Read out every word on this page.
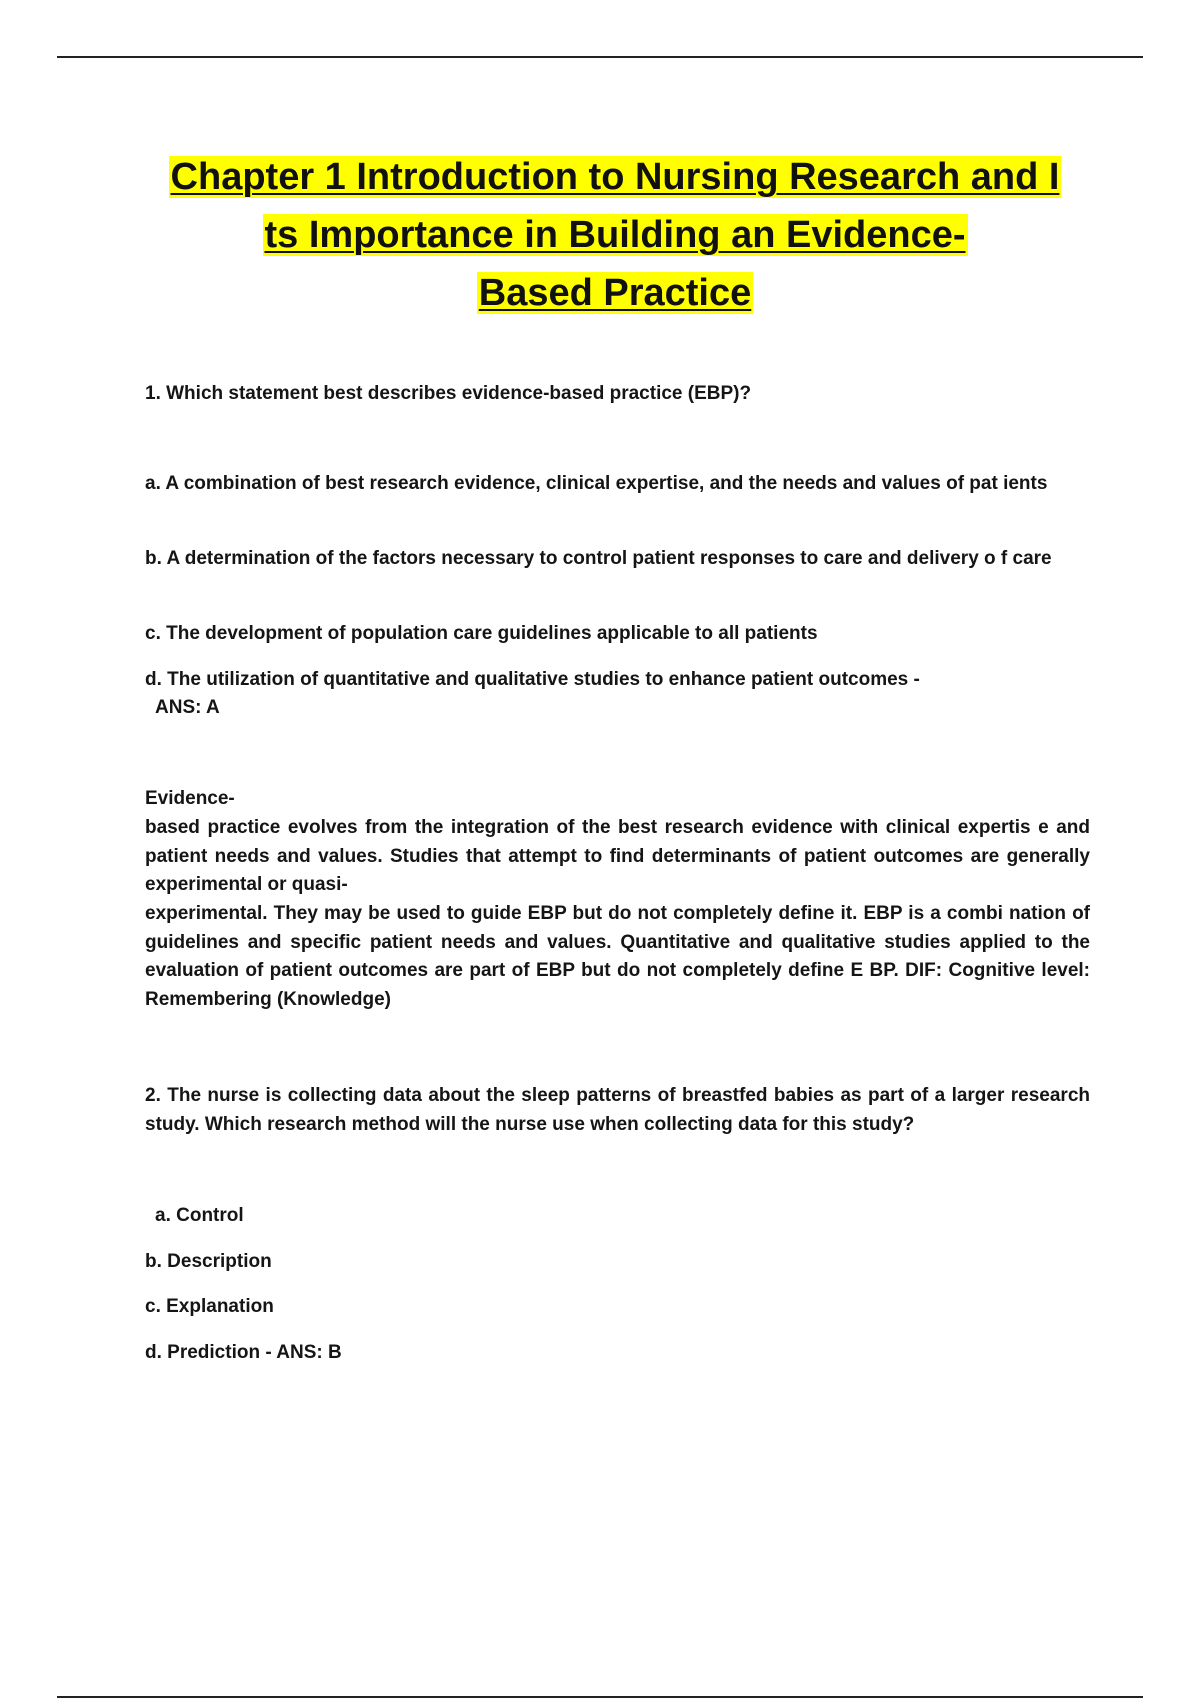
Chapter 1 Introduction to Nursing Research and I
ts Importance in Building an Evidence-
Based Practice

1. Which statement best describes evidence-based practice (EBP)?

a. A combination of best research evidence, clinical expertise, and the needs and values of pat ients

b. A determination of the factors necessary to control patient responses to care and delivery o f care

c. The development of population care guidelines applicable to all patients

d. The utilization of quantitative and qualitative studies to enhance patient outcomes -

ANS: A

Evidence-

based practice evolves from the integration of the best research evidence with clinical expertis e and patient needs and values. Studies that attempt to find determinants of patient outcomes are generally experimental or quasi-

experimental. They may be used to guide EBP but do not completely define it. EBP is a combi nation of guidelines and specific patient needs and values. Quantitative and qualitative studies applied to the evaluation of patient outcomes are part of EBP but do not completely define E BP. DIF: Cognitive level: Remembering (Knowledge)

2. The nurse is collecting data about the sleep patterns of breastfed babies as part of a larger research study. Which research method will the nurse use when collecting data for this study?

a. Control

b. Description

c. Explanation

d. Prediction - ANS: B
